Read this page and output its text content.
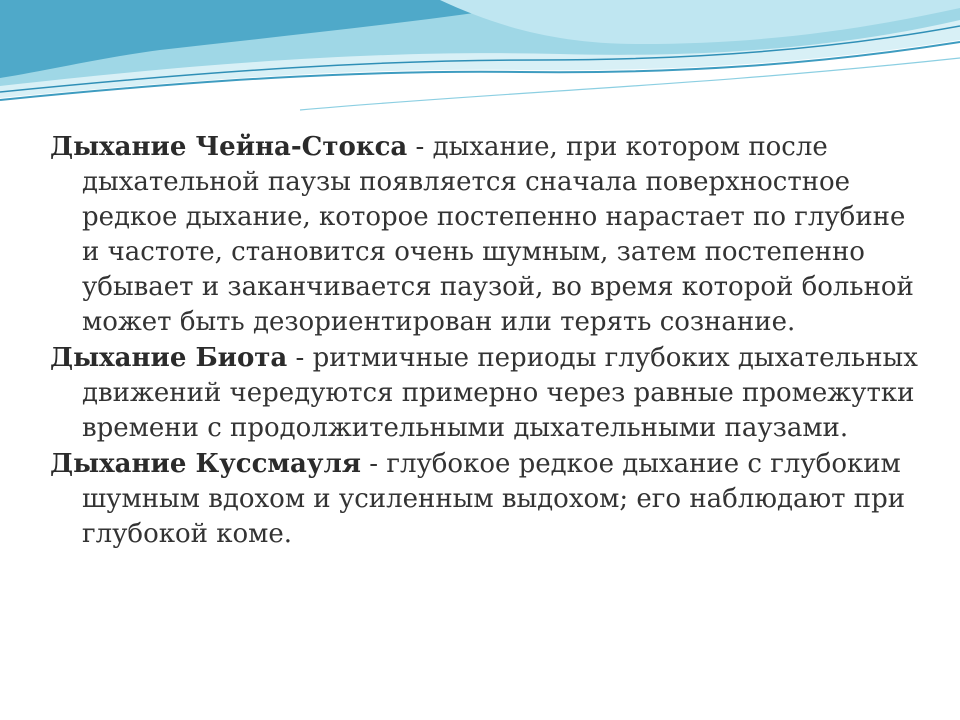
Дыхание Чейна-Стокса - дыхание, при котором после дыхательной паузы появляется сначала поверхностное редкое дыхание, которое постепенно нарастает по глубине и частоте, становится очень шумным, затем постепенно убывает и заканчивается паузой, во время которой больной может быть дезориентирован или терять сознание.

Дыхание Биота - ритмичные периоды глубоких дыхательных движений чередуются примерно через равные промежутки времени с продолжительными дыхательными паузами.

Дыхание Куссмауля - глубокое редкое дыхание с глубоким шумным вдохом и усиленным выдохом; его наблюдают при глубокой коме.
